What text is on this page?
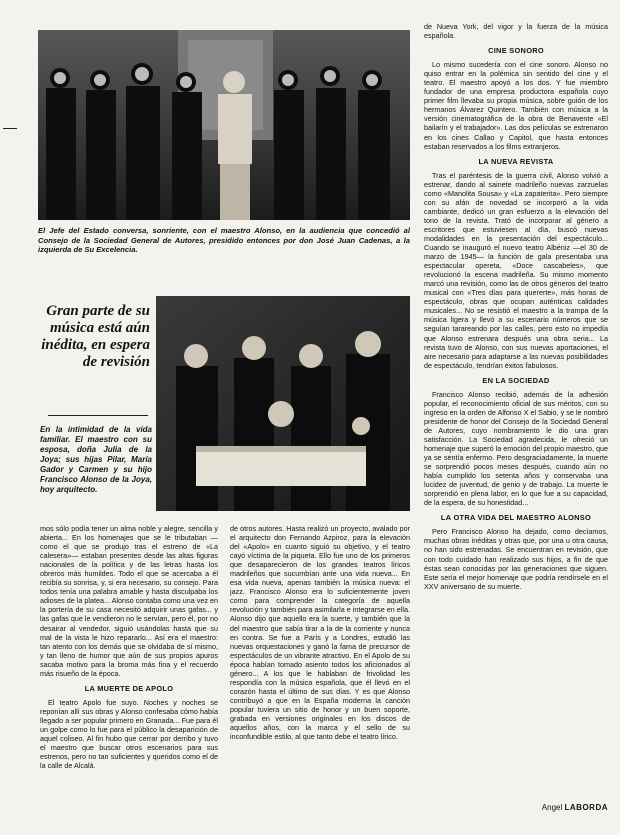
El Jefe del Estado conversa, sonriente, con el maestro Alonso, en la audiencia que concedió al Consejo de la Sociedad General de Autores, presidido entonces por don José Juan Cadenas, a la izquierda de Su Excelencia.
Gran parte de su música está aún inédita, en espera de revisión
En la intimidad de la vida familiar. El maestro con su esposa, doña Julia de la Joya; sus hijas Pilar, María Gador y Carmen y su hijo Francisco Alonso de la Joya, hoy arquitecto.

mos sólo podía tener un alma noble y alegre, sencilla y abierta... En los homenajes que se le tributaban —como el que se produjo tras el estreno de «La calesera»— estaban presentes desde las altas figuras nacionales de la política y de las letras hasta los obreros más humildes. Todo el que se acercaba a él recibía su sonrisa, y, si era necesario, su consejo. Para todos tenía una palabra amable y hasta disculpaba los adioses de la platea... Alonso contaba como una vez en la portería de su casa necesitó adquirir unas gafas... y las gafas que le vendieron no le servían, pero él, por no desairar al vendedor, siguió usándolas hasta que su mal de la vista le hizo repararlo... Así era el maestro: tan atento con los demás que se olvidaba de sí mismo, y tan lleno de humor que aún de sus propios apuros sacaba motivo para la broma más fina y el recuerdo más risueño de la época.

LA MUERTE DE APOLO

El teatro Apolo fue suyo. Noches y noches se reponían allí sus obras y Alonso confesaba cómo había llegado a ser popular primero en Granada... Fue para él un golpe como lo fue para el público la desaparición de aquel coliseo. Al fin hubo que cerrar por derribo y tuvo el maestro que buscar otros escenarios para sus estrenos, pero no tan suficientes y queridos como el de la calle de Alcalá.

de otros autores. Hasta realizó un proyecto, avalado por el arquitecto don Fernando Azpiroz, para la elevación del «Apolo» en cuanto siguió su objetivo, y el teatro cayó víctima de la piqueta. Ello fue uno de los primeros que desaparecieron de los grandes teatros líricos madrileños que sucumbían ante una vida nueva... En esa vida nueva, apenas también la música nueva: el jazz. Francisco Alonso era lo suficientemente joven como para comprender la categoría de aquella revolución y también para asimilarla e integrarse en ella. Alonso dijo que aquello era la suerte, y también que la del maestro que sabía tirar a la de la corriente y nunca en contra. Se fue a París y a Londres, estudió las nuevas orquestaciones y ganó la fama de precursor de espectáculos de un vibrante atractivo. En el Apolo de su época habían tomado asiento todos los aficionados al género... A los que le hablaban de frivolidad les respondía con la música española, que él llevó en el corazón hasta el último de sus días. Y es que Alonso contribuyó a que en la España moderna la canción popular tuviera un sitio de honor y un buen soporte, grabada en versiones originales en los discos de aquellos años, con la marca y el sello de su inconfundible estilo, al que tanto debe el teatro lírico.

de Nueva York, del vigor y la fuerza de la música española.

CINE SONORO

Lo mismo sucedería con el cine sonoro. Alonso no quiso entrar en la polémica sin sentido del cine y el teatro. El maestro apoyó a los dos. Y fue miembro fundador de una empresa productora española cuyo primer film llevaba su propia música, sobre guión de los hermanos Álvarez Quintero. También con música a la versión cinematográfica de la obra de Benavente «El bailarín y el trabajador». Las dos películas se estrenaron en los cines Callao y Capitol, que hasta entonces estaban reservados a los films extranjeros.

LA NUEVA REVISTA

Tras el paréntesis de la guerra civil, Alonso volvió a estrenar, dando al sainete madrileño nuevas zarzuelas como «Manolita Sousa» y «La zapaterita». Pero siempre con su afán de novedad se incorporó a la vida cambiante, dedicó un gran esfuerzo a la elevación del tono de la revista. Trató de incorporar al género a escritores que estuviesen al día, buscó nuevas modalidades en la presentación del espectáculo... Cuando se inauguró el nuevo teatro Albéniz —el 30 de marzo de 1945— la función de gala presentaba una espectacular opereta, «Doce cascabeles», que revolucionó la escena madrileña. Su mismo momento marcó una revisión, como las de otros géneros del teatro musical con «Tres días para quererte», más horas de espectáculo, obras que ocupan auténticas calidades musicales... No se resistió el maestro a la trampa de la música ligera y llevó a su escenario números que se seguían tarareando por las calles, pero esto no impedía que Alonso estrenara después una obra seria... La revista tuvo de Alonso, con sus nuevas aportaciones, el aire necesario para adaptarse a las nuevas posibilidades de espectáculo, tendrían éxitos fabulosos.

EN LA SOCIEDAD

Francisco Alonso recibió, además de la adhesión popular, el reconocimiento oficial de sus méritos, con su ingreso en la orden de Alfonso X el Sabio, y se le nombró presidente de honor del Consejo de la Sociedad General de Autores, cuyo nombramiento le dio una gran satisfacción. La Sociedad agradecida, le ofreció un homenaje que superó la emoción del propio maestro, que ya se sentía enfermo. Pero desgraciadamente, la muerte se sorprendió pocos meses después, cuando aún no había cumplido los setenta años y conservaba una lucidez de juventud, de genio y de trabajo. La muerte le sorprendió en plena labor, en lo que fue a su capacidad, de la espera, de su honestidad...

LA OTRA VIDA DEL MAESTRO ALONSO

Pero Francisco Alonso ha dejado, como decíamos, muchas obras inéditas y otras que, por una u otra causa, no han sido estrenadas. Se encuentran en revisión, que con todo cuidado han realizado sus hijos, a fin de que éstas sean conocidas por las generaciones que siguen. Este sería el mejor homenaje que podría rendírsele en el XXV aniversario de su muerte.

Angel LABORDA
